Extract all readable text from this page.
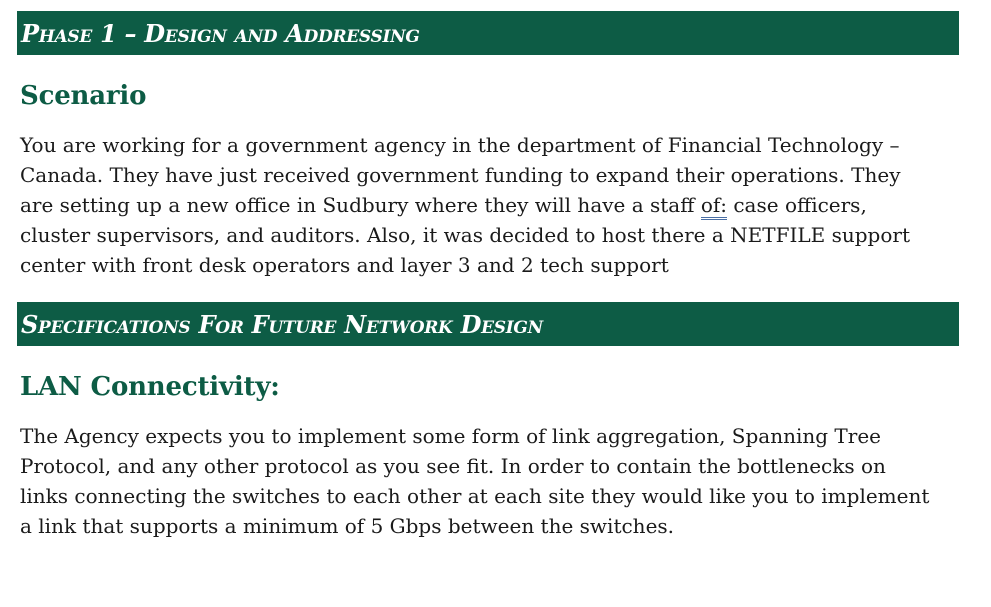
Phase 1 – Design and Addressing
Scenario
You are working for a government agency in the department of Financial Technology –
Canada. They have just received government funding to expand their operations. They
are setting up a new office in Sudbury where they will have a staff of: case officers,
cluster supervisors, and auditors. Also, it was decided to host there a NETFILE support
center with front desk operators and layer 3 and 2 tech support
Specifications For Future Network Design
LAN Connectivity:
The Agency expects you to implement some form of link aggregation, Spanning Tree
Protocol, and any other protocol as you see fit. In order to contain the bottlenecks on
links connecting the switches to each other at each site they would like you to implement
a link that supports a minimum of 5 Gbps between the switches.
